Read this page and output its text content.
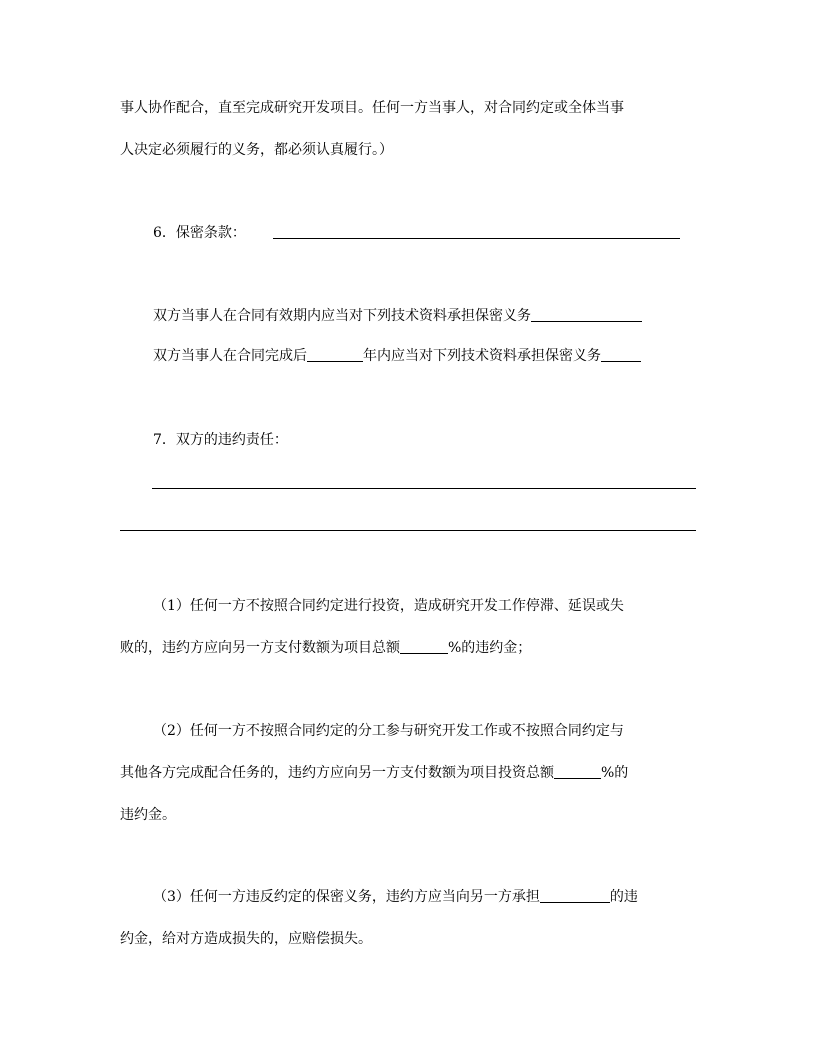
事人协作配合，直至完成研究开发项目。任何一方当事人，对合同约定或全体当事
人决定必须履行的义务，都必须认真履行。）
6．保密条款：
双方当事人在合同有效期内应当对下列技术资料承担保密义务
双方当事人在合同完成后	年内应当对下列技术资料承担保密义务
7．双方的违约责任：
（1）任何一方不按照合同约定进行投资，造成研究开发工作停滞、延误或失
败的，违约方应向另一方支付数额为项目总额	%的违约金；
（2）任何一方不按照合同约定的分工参与研究开发工作或不按照合同约定与
其他各方完成配合任务的，违约方应向另一方支付数额为项目投资总额	%的
违约金。
（3）任何一方违反约定的保密义务，违约方应当向另一方承担	的违
约金，给对方造成损失的，应赔偿损失。
